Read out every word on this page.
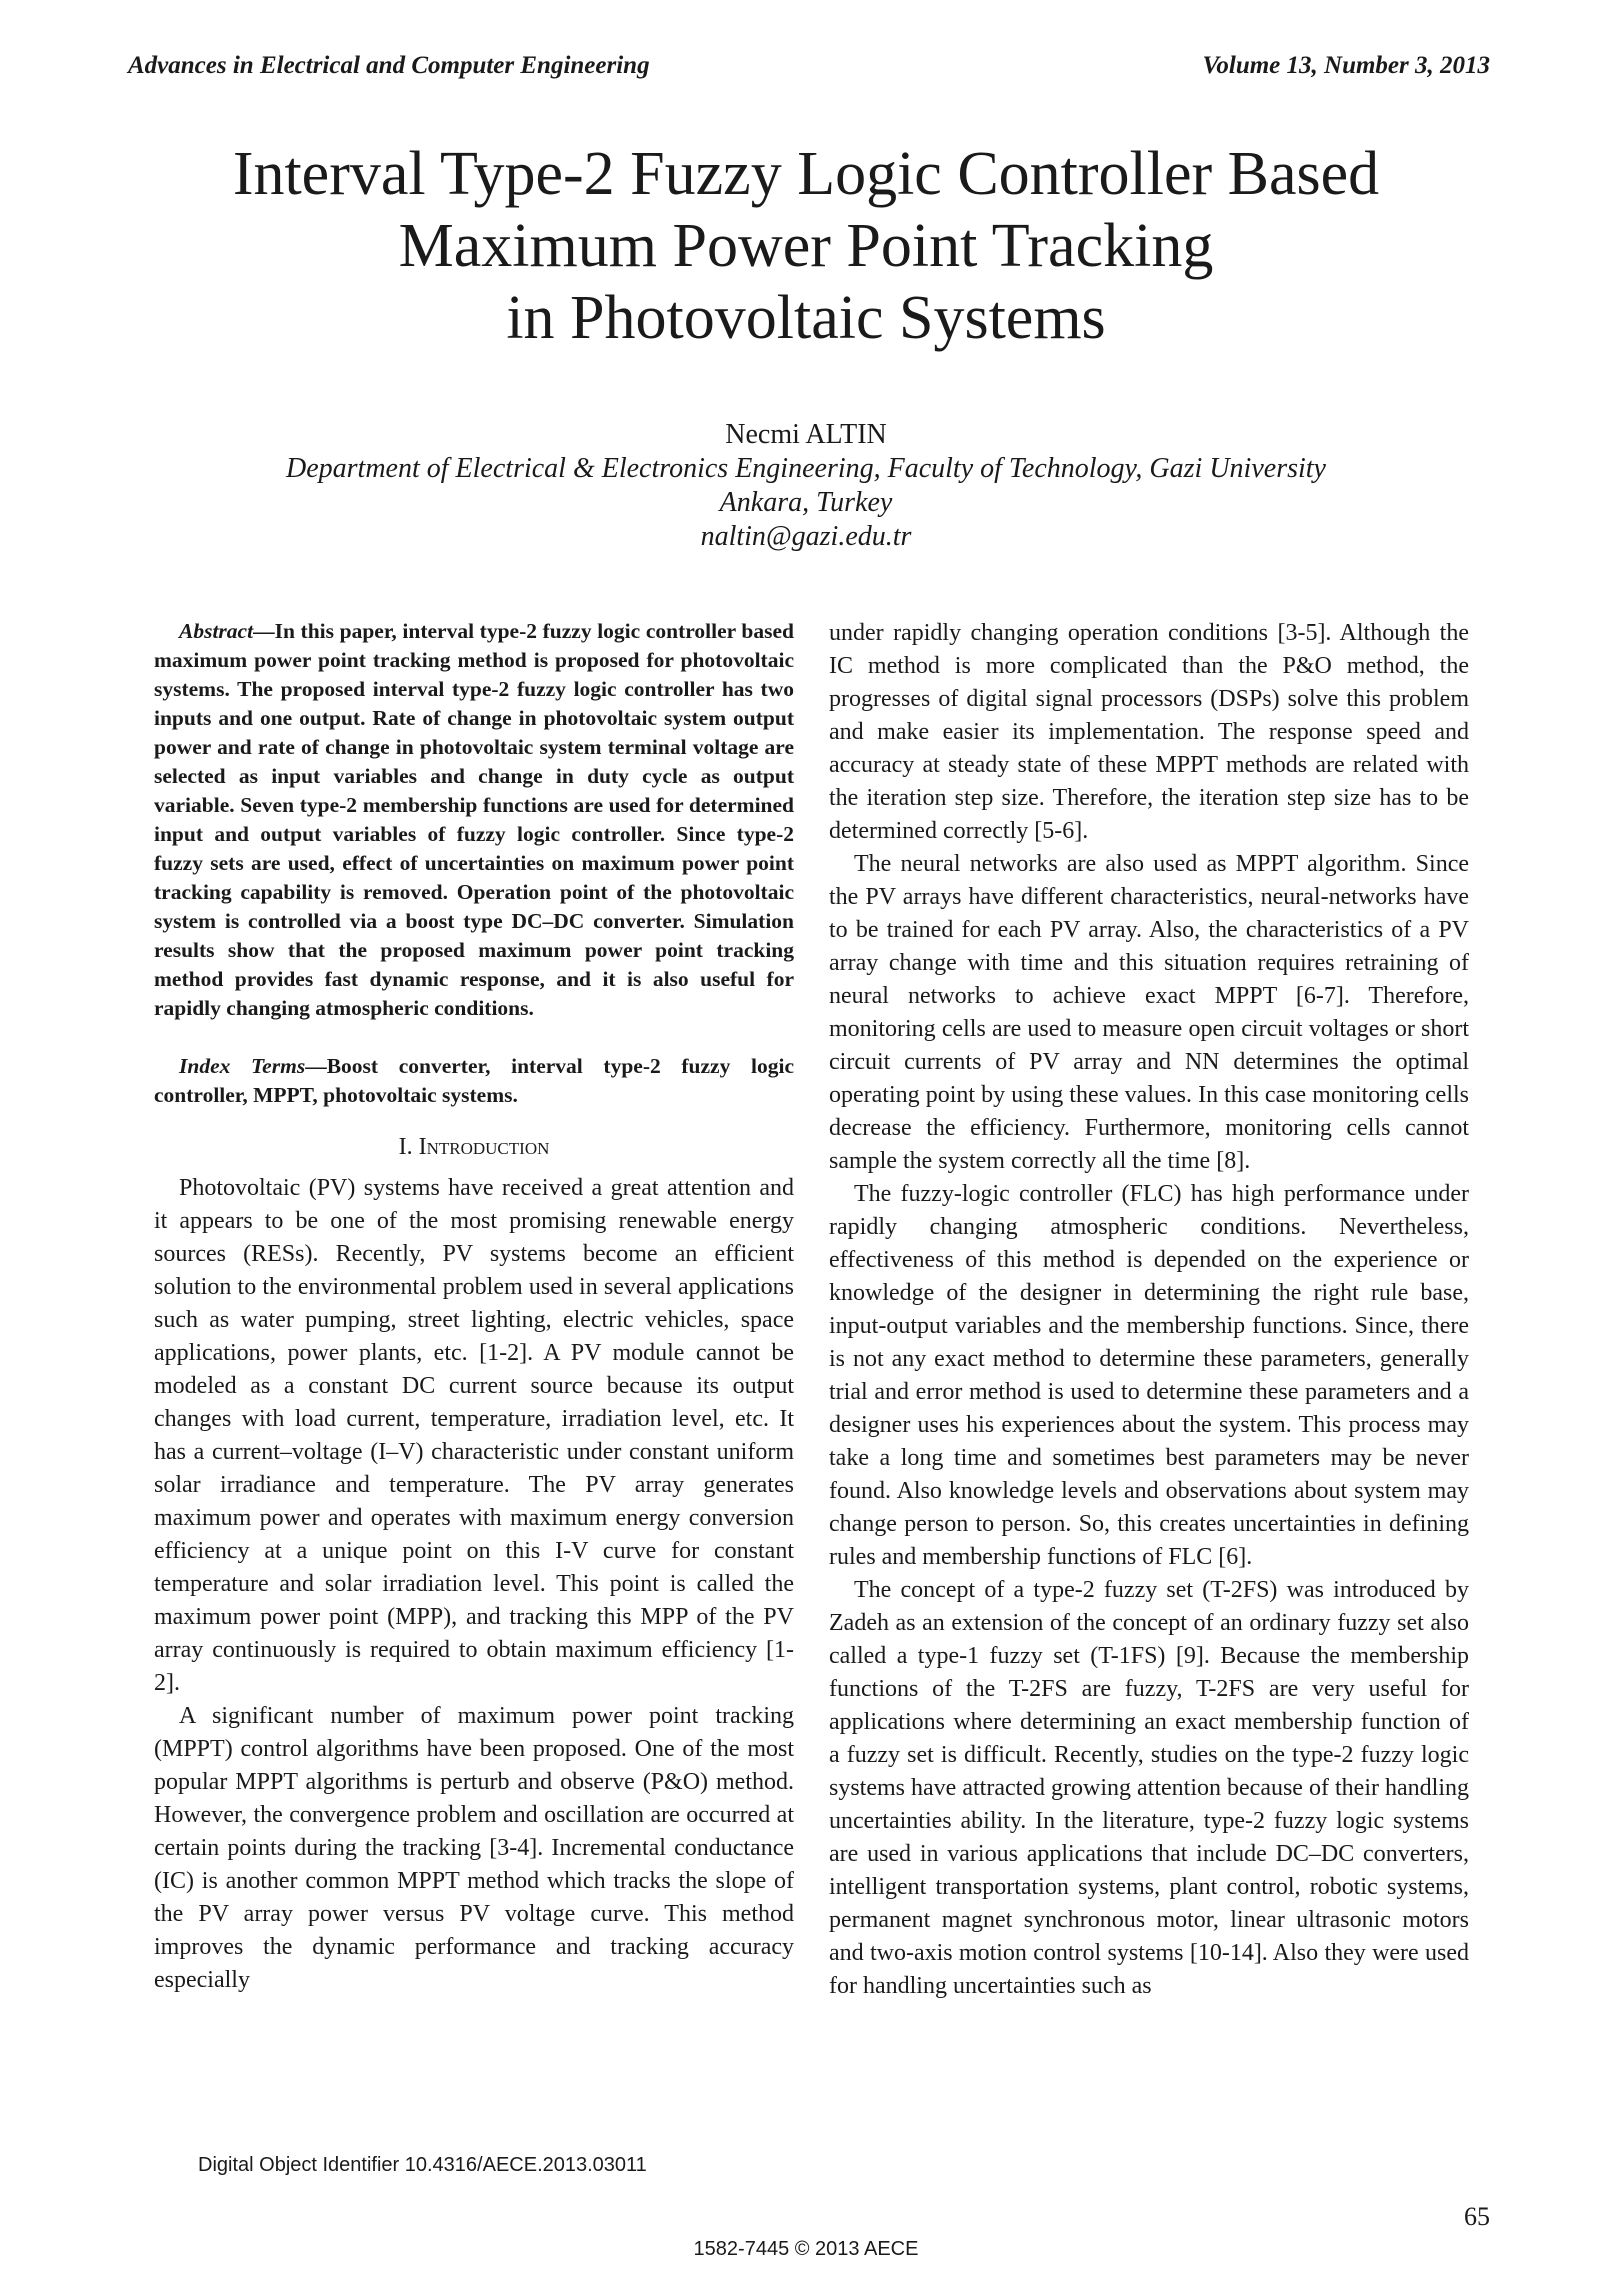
Advances in Electrical and Computer Engineering	Volume 13, Number 3, 2013
Interval Type-2 Fuzzy Logic Controller Based
Maximum Power Point Tracking
in Photovoltaic Systems
Necmi ALTIN
Department of Electrical & Electronics Engineering, Faculty of Technology, Gazi University
Ankara, Turkey
naltin@gazi.edu.tr

Abstract—In this paper, interval type-2 fuzzy logic controller based maximum power point tracking method is proposed for photovoltaic systems. The proposed interval type-2 fuzzy logic controller has two inputs and one output. Rate of change in photovoltaic system output power and rate of change in photovoltaic system terminal voltage are selected as input variables and change in duty cycle as output variable. Seven type-2 membership functions are used for determined input and output variables of fuzzy logic controller. Since type-2 fuzzy sets are used, effect of uncertainties on maximum power point tracking capability is removed. Operation point of the photovoltaic system is controlled via a boost type DC–DC converter. Simulation results show that the proposed maximum power point tracking method provides fast dynamic response, and it is also useful for rapidly changing atmospheric conditions.

Index Terms—Boost converter, interval type-2 fuzzy logic controller, MPPT, photovoltaic systems.

I. Introduction

Photovoltaic (PV) systems have received a great attention and it appears to be one of the most promising renewable energy sources (RESs). Recently, PV systems become an efficient solution to the environmental problem used in several applications such as water pumping, street lighting, electric vehicles, space applications, power plants, etc. [1-2]. A PV module cannot be modeled as a constant DC current source because its output changes with load current, temperature, irradiation level, etc. It has a current–voltage (I–V) characteristic under constant uniform solar irradiance and temperature. The PV array generates maximum power and operates with maximum energy conversion efficiency at a unique point on this I-V curve for constant temperature and solar irradiation level. This point is called the maximum power point (MPP), and tracking this MPP of the PV array continuously is required to obtain maximum efficiency [1-2].

A significant number of maximum power point tracking (MPPT) control algorithms have been proposed. One of the most popular MPPT algorithms is perturb and observe (P&O) method. However, the convergence problem and oscillation are occurred at certain points during the tracking [3-4]. Incremental conductance (IC) is another common MPPT method which tracks the slope of the PV array power versus PV voltage curve. This method improves the dynamic performance and tracking accuracy especially

under rapidly changing operation conditions [3-5]. Although the IC method is more complicated than the P&O method, the progresses of digital signal processors (DSPs) solve this problem and make easier its implementation. The response speed and accuracy at steady state of these MPPT methods are related with the iteration step size. Therefore, the iteration step size has to be determined correctly [5-6].

The neural networks are also used as MPPT algorithm. Since the PV arrays have different characteristics, neural-networks have to be trained for each PV array. Also, the characteristics of a PV array change with time and this situation requires retraining of neural networks to achieve exact MPPT [6-7]. Therefore, monitoring cells are used to measure open circuit voltages or short circuit currents of PV array and NN determines the optimal operating point by using these values. In this case monitoring cells decrease the efficiency. Furthermore, monitoring cells cannot sample the system correctly all the time [8].

The fuzzy-logic controller (FLC) has high performance under rapidly changing atmospheric conditions. Nevertheless, effectiveness of this method is depended on the experience or knowledge of the designer in determining the right rule base, input-output variables and the membership functions. Since, there is not any exact method to determine these parameters, generally trial and error method is used to determine these parameters and a designer uses his experiences about the system. This process may take a long time and sometimes best parameters may be never found. Also knowledge levels and observations about system may change person to person. So, this creates uncertainties in defining rules and membership functions of FLC [6].

The concept of a type-2 fuzzy set (T-2FS) was introduced by Zadeh as an extension of the concept of an ordinary fuzzy set also called a type-1 fuzzy set (T-1FS) [9]. Because the membership functions of the T-2FS are fuzzy, T-2FS are very useful for applications where determining an exact membership function of a fuzzy set is difficult. Recently, studies on the type-2 fuzzy logic systems have attracted growing attention because of their handling uncertainties ability. In the literature, type-2 fuzzy logic systems are used in various applications that include DC–DC converters, intelligent transportation systems, plant control, robotic systems, permanent magnet synchronous motor, linear ultrasonic motors and two-axis motion control systems [10-14]. Also they were used for handling uncertainties such as

Digital Object Identifier 10.4316/AECE.2013.03011
65
1582-7445 © 2013 AECE
